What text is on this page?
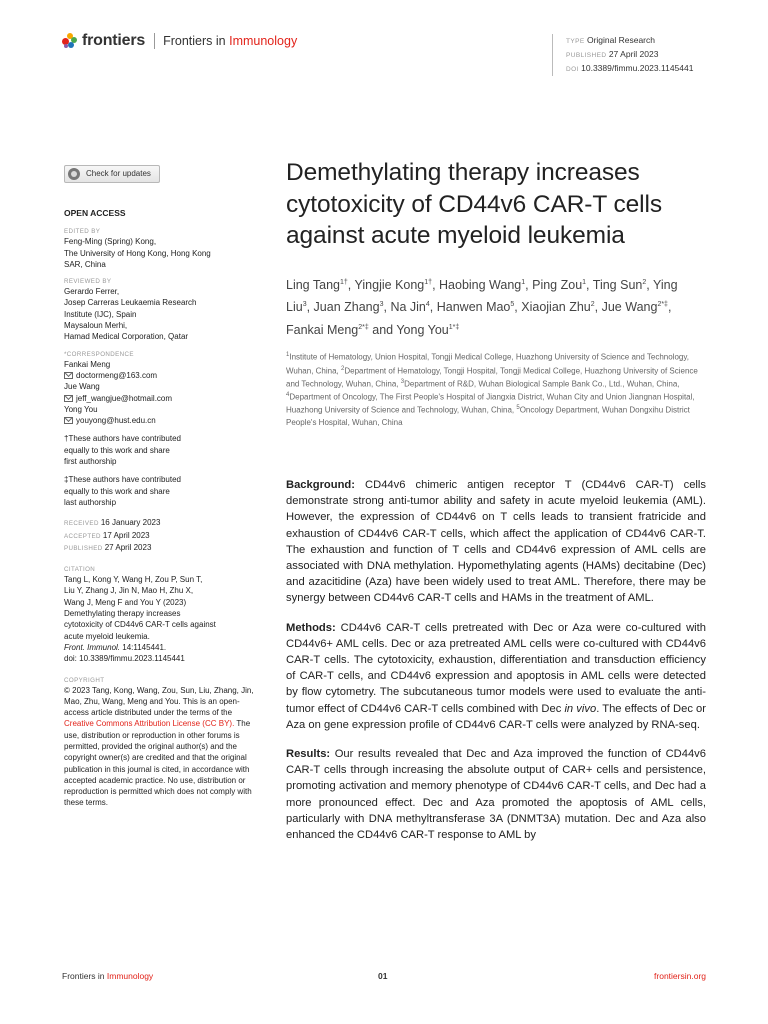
frontiers Frontiers in Immunology	TYPE Original Research
PUBLISHED 27 April 2023
DOI 10.3389/fimmu.2023.1145441
Check for updates
OPEN ACCESS
EDITED BY
Feng-Ming (Spring) Kong,
The University of Hong Kong, Hong Kong
SAR, China
REVIEWED BY
Gerardo Ferrer,
Josep Carreras Leukaemia Research
Institute (IJC), Spain
Maysaloun Merhi,
Hamad Medical Corporation, Qatar
*CORRESPONDENCE
Fankai Meng
doctormeng@163.com
Jue Wang
jeff_wangjue@hotmail.com
Yong You
youyong@hust.edu.cn
†These authors have contributed
equally to this work and share
first authorship
‡These authors have contributed
equally to this work and share
last authorship
RECEIVED 16 January 2023
ACCEPTED 17 April 2023
PUBLISHED 27 April 2023
CITATION
Tang L, Kong Y, Wang H, Zou P, Sun T,
Liu Y, Zhang J, Jin N, Mao H, Zhu X,
Wang J, Meng F and You Y (2023)
Demethylating therapy increases
cytotoxicity of CD44v6 CAR-T cells against
acute myeloid leukemia.
Front. Immunol. 14:1145441.
doi: 10.3389/fimmu.2023.1145441
COPYRIGHT
© 2023 Tang, Kong, Wang, Zou, Sun, Liu, Zhang, Jin, Mao, Zhu, Wang, Meng and You. This is an open-access article distributed under the terms of the Creative Commons Attribution License (CC BY). The use, distribution or reproduction in other forums is permitted, provided the original author(s) and the copyright owner(s) are credited and that the original publication in this journal is cited, in accordance with accepted academic practice. No use, distribution or reproduction is permitted which does not comply with these terms.
Demethylating therapy increases cytotoxicity of CD44v6 CAR-T cells against acute myeloid leukemia
Ling Tang$^{1\dagger}$, Yingjie Kong$^{1\dagger}$, Haobing Wang$^1$, Ping Zou$^1$, Ting Sun$^2$, Ying Liu$^3$, Juan Zhang$^3$, Na Jin$^4$, Hanwen Mao$^5$, Xiaojian Zhu$^2$, Jue Wang$^{2*\ddagger}$, Fankai Meng$^{2*\ddagger}$ and Yong You$^{1*\ddagger}$
$^1$Institute of Hematology, Union Hospital, Tongji Medical College, Huazhong University of Science and Technology, Wuhan, China, $^2$Department of Hematology, Tongji Hospital, Tongji Medical College, Huazhong University of Science and Technology, Wuhan, China, $^3$Department of R&D, Wuhan Biological Sample Bank Co., Ltd., Wuhan, China, $^4$Department of Oncology, The First People's Hospital of Jiangxia District, Wuhan City and Union Jiangnan Hospital, Huazhong University of Science and Technology, Wuhan, China, $^5$Oncology Department, Wuhan Dongxihu District People's Hospital, Wuhan, China

Background: CD44v6 chimeric antigen receptor T (CD44v6 CAR-T) cells demonstrate strong anti-tumor ability and safety in acute myeloid leukemia (AML). However, the expression of CD44v6 on T cells leads to transient fratricide and exhaustion of CD44v6 CAR-T cells, which affect the application of CD44v6 CAR-T. The exhaustion and function of T cells and CD44v6 expression of AML cells are associated with DNA methylation. Hypomethylating agents (HAMs) decitabine (Dec) and azacitidine (Aza) have been widely used to treat AML. Therefore, there may be synergy between CD44v6 CAR-T cells and HAMs in the treatment of AML.

Methods: CD44v6 CAR-T cells pretreated with Dec or Aza were co-cultured with CD44v6+ AML cells. Dec or aza pretreated AML cells were co-cultured with CD44v6 CAR-T cells. The cytotoxicity, exhaustion, differentiation and transduction efficiency of CAR-T cells, and CD44v6 expression and apoptosis in AML cells were detected by flow cytometry. The subcutaneous tumor models were used to evaluate the anti-tumor effect of CD44v6 CAR-T cells combined with Dec in vivo. The effects of Dec or Aza on gene expression profile of CD44v6 CAR-T cells were analyzed by RNA-seq.

Results: Our results revealed that Dec and Aza improved the function of CD44v6 CAR-T cells through increasing the absolute output of CAR+ cells and persistence, promoting activation and memory phenotype of CD44v6 CAR-T cells, and Dec had a more pronounced effect. Dec and Aza promoted the apoptosis of AML cells, particularly with DNA methyltransferase 3A (DNMT3A) mutation. Dec and Aza also enhanced the CD44v6 CAR-T response to AML by

Frontiers in Immunology	01	frontiersin.org
